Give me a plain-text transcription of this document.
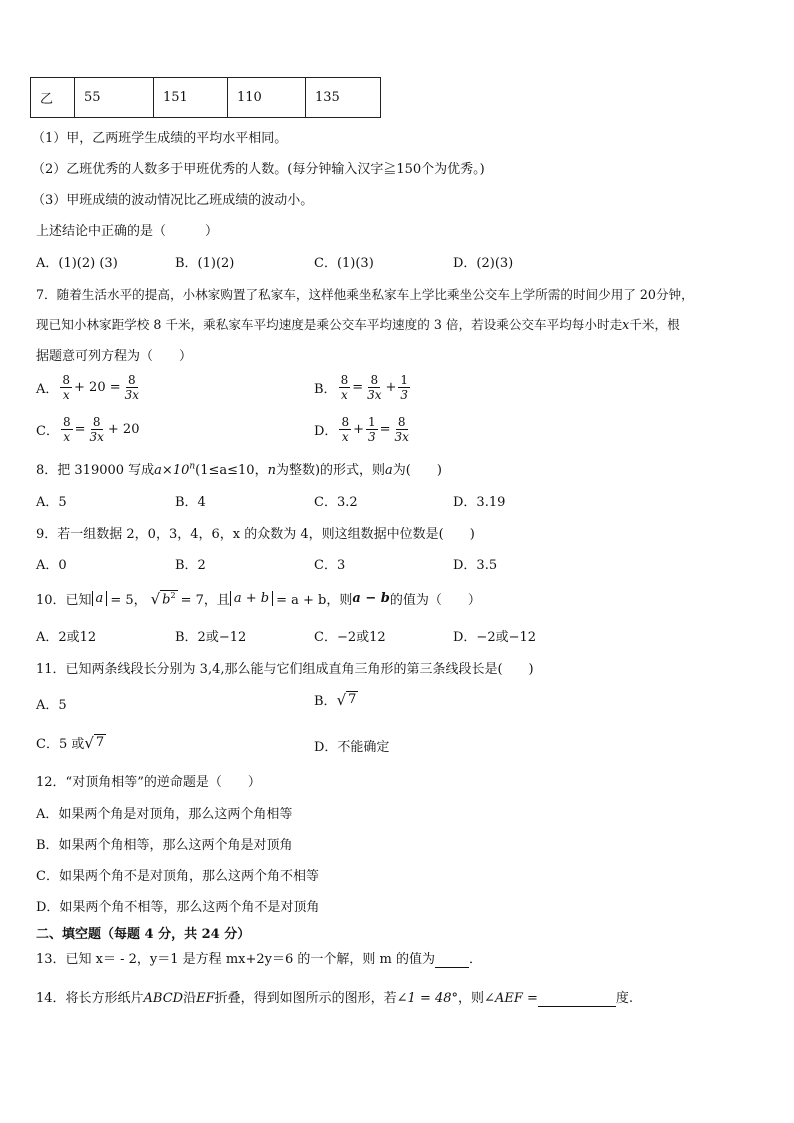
乙	55	151	110	135
（1）甲，乙两班学生成绩的平均水平相同。
（2）乙班优秀的人数多于甲班优秀的人数。(每分钟输入汉字≧150个为优秀。)
（3）甲班成绩的波动情况比乙班成绩的波动小。
上述结论中正确的是（　　　）
A．(1)(2) (3)	B．(1)(2)	C．(1)(3)	D．(2)(3)
7．随着生活水平的提高，小林家购置了私家车，这样他乘坐私家车上学比乘坐公交车上学所需的时间少用了 20分钟，
现已知小林家距学校 8 千米，乘私家车平均速度是乘公交车平均速度的 3 倍，若设乘公交车平均每小时走x千米，根
据题意可列方程为（　　）
A． $\frac{8}{x} + 20 = \frac{8}{3x}$	B． $\frac{8}{x} = \frac{8}{3x} + \frac{1}{3}$
C． $\frac{8}{x} = \frac{8}{3x} + 20$	D． $\frac{8}{x} + \frac{1}{3} = \frac{8}{3x}$
8．把 319000 写成$a\times 10^n(1\le a\le 10$，n为整数)的形式，则a为(　　)
A．5	B．4	C．3.2	D．3.19
9．若一组数据 2，0，3，4，6，x 的众数为 4，则这组数据中位数是(　　)
A．0	B．2	C．3	D．3.5
10．已知 a = 5， √ $b^2 = 7$，且 a + b = a + b，则 a − b 的值为（　　）
A．2或12	B．2或−12	C．−2或12	D．−2或−12
11．已知两条线段长分别为 3,4,那么能与它们组成直角三角形的第三条线段长是(　　)
A．5	B． √ 7
C．5 或 √ 7	D．不能确定
12．“对顶角相等”的逆命题是（　　）
A．如果两个角是对顶角，那么这两个角相等
B．如果两个角相等，那么这两个角是对顶角
C．如果两个角不是对顶角，那么这两个角不相等
D．如果两个角不相等，那么这两个角不是对顶角
二、填空题（每题 4 分，共 24 分）
13．已知 x＝ - 2，y＝1 是方程 mx+2y＝6 的一个解，则 m 的值为	．
14．将长方形纸片ABCD沿EF折叠，得到如图所示的图形，若∠1 = 48°，则∠AEF =	度.
